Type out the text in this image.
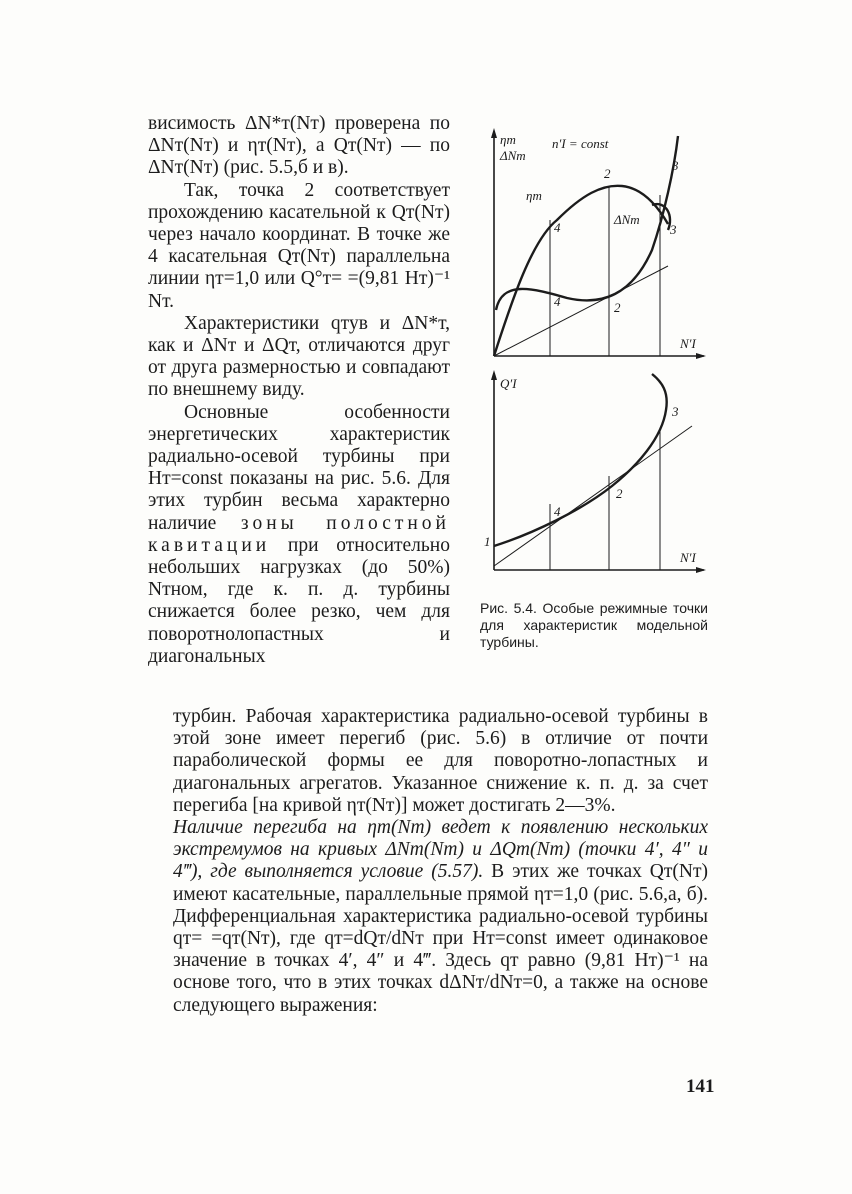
висимость ΔN*т(Nт) проверена по ΔNт(Nт) и ηт(Nт), а Qт(Nт) — по ΔNт(Nт) (рис. 5.5,б и в).

Так, точка 2 соответствует прохождению касательной к Qт(Nт) через начало координат. В точке же 4 касательная Qт(Nт) параллельна линии ηт=1,0 или Q°т= =(9,81 Hт)⁻¹ Nт.

Характеристики qтув и ΔN*т, как и ΔNт и ΔQт, отличаются друг от друга размерностью и совпадают по внешнему виду.

Основные особенности энергетических характеристик радиально-осевой турбины при Hт=const показаны на рис. 5.6. Для этих турбин весьма характерно наличие зоны полостной кавитации при относительно небольших нагрузках (до 50%) Nтном, где к. п. д. турбины снижается более резко, чем для поворотнолопастных и диагональных

ηт
ΔNт
n′I = const
ηт
ΔNт
2
3
3
4
4	2
N′I
Q′I
3
2
4
1
N′I
Рис. 5.4. Особые режимные точки для характеристик модельной турбины.

турбин. Рабочая характеристика радиально-осевой турбины в этой зоне имеет перегиб (рис. 5.6) в отличие от почти параболической формы ее для поворотно-лопастных и диагональных агрегатов. Указанное снижение к. п. д. за счет перегиба [на кривой ηт(Nт)] может достигать 2—3%.

Наличие перегиба на ηт(Nт) ведет к появлению нескольких экстремумов на кривых ΔNт(Nт) и ΔQт(Nт) (точки 4′, 4″ и 4‴), где выполняется условие (5.57). В этих же точках Qт(Nт) имеют касательные, параллельные прямой ηт=1,0 (рис. 5.6,а, б). Дифференциальная характеристика радиально-осевой турбины qт= =qт(Nт), где qт=dQт/dNт при Hт=const имеет одинаковое значение в точках 4′, 4″ и 4‴. Здесь qт равно (9,81 Hт)⁻¹ на основе того, что в этих точках dΔNт/dNт=0, а также на основе следующего выражения:

141
